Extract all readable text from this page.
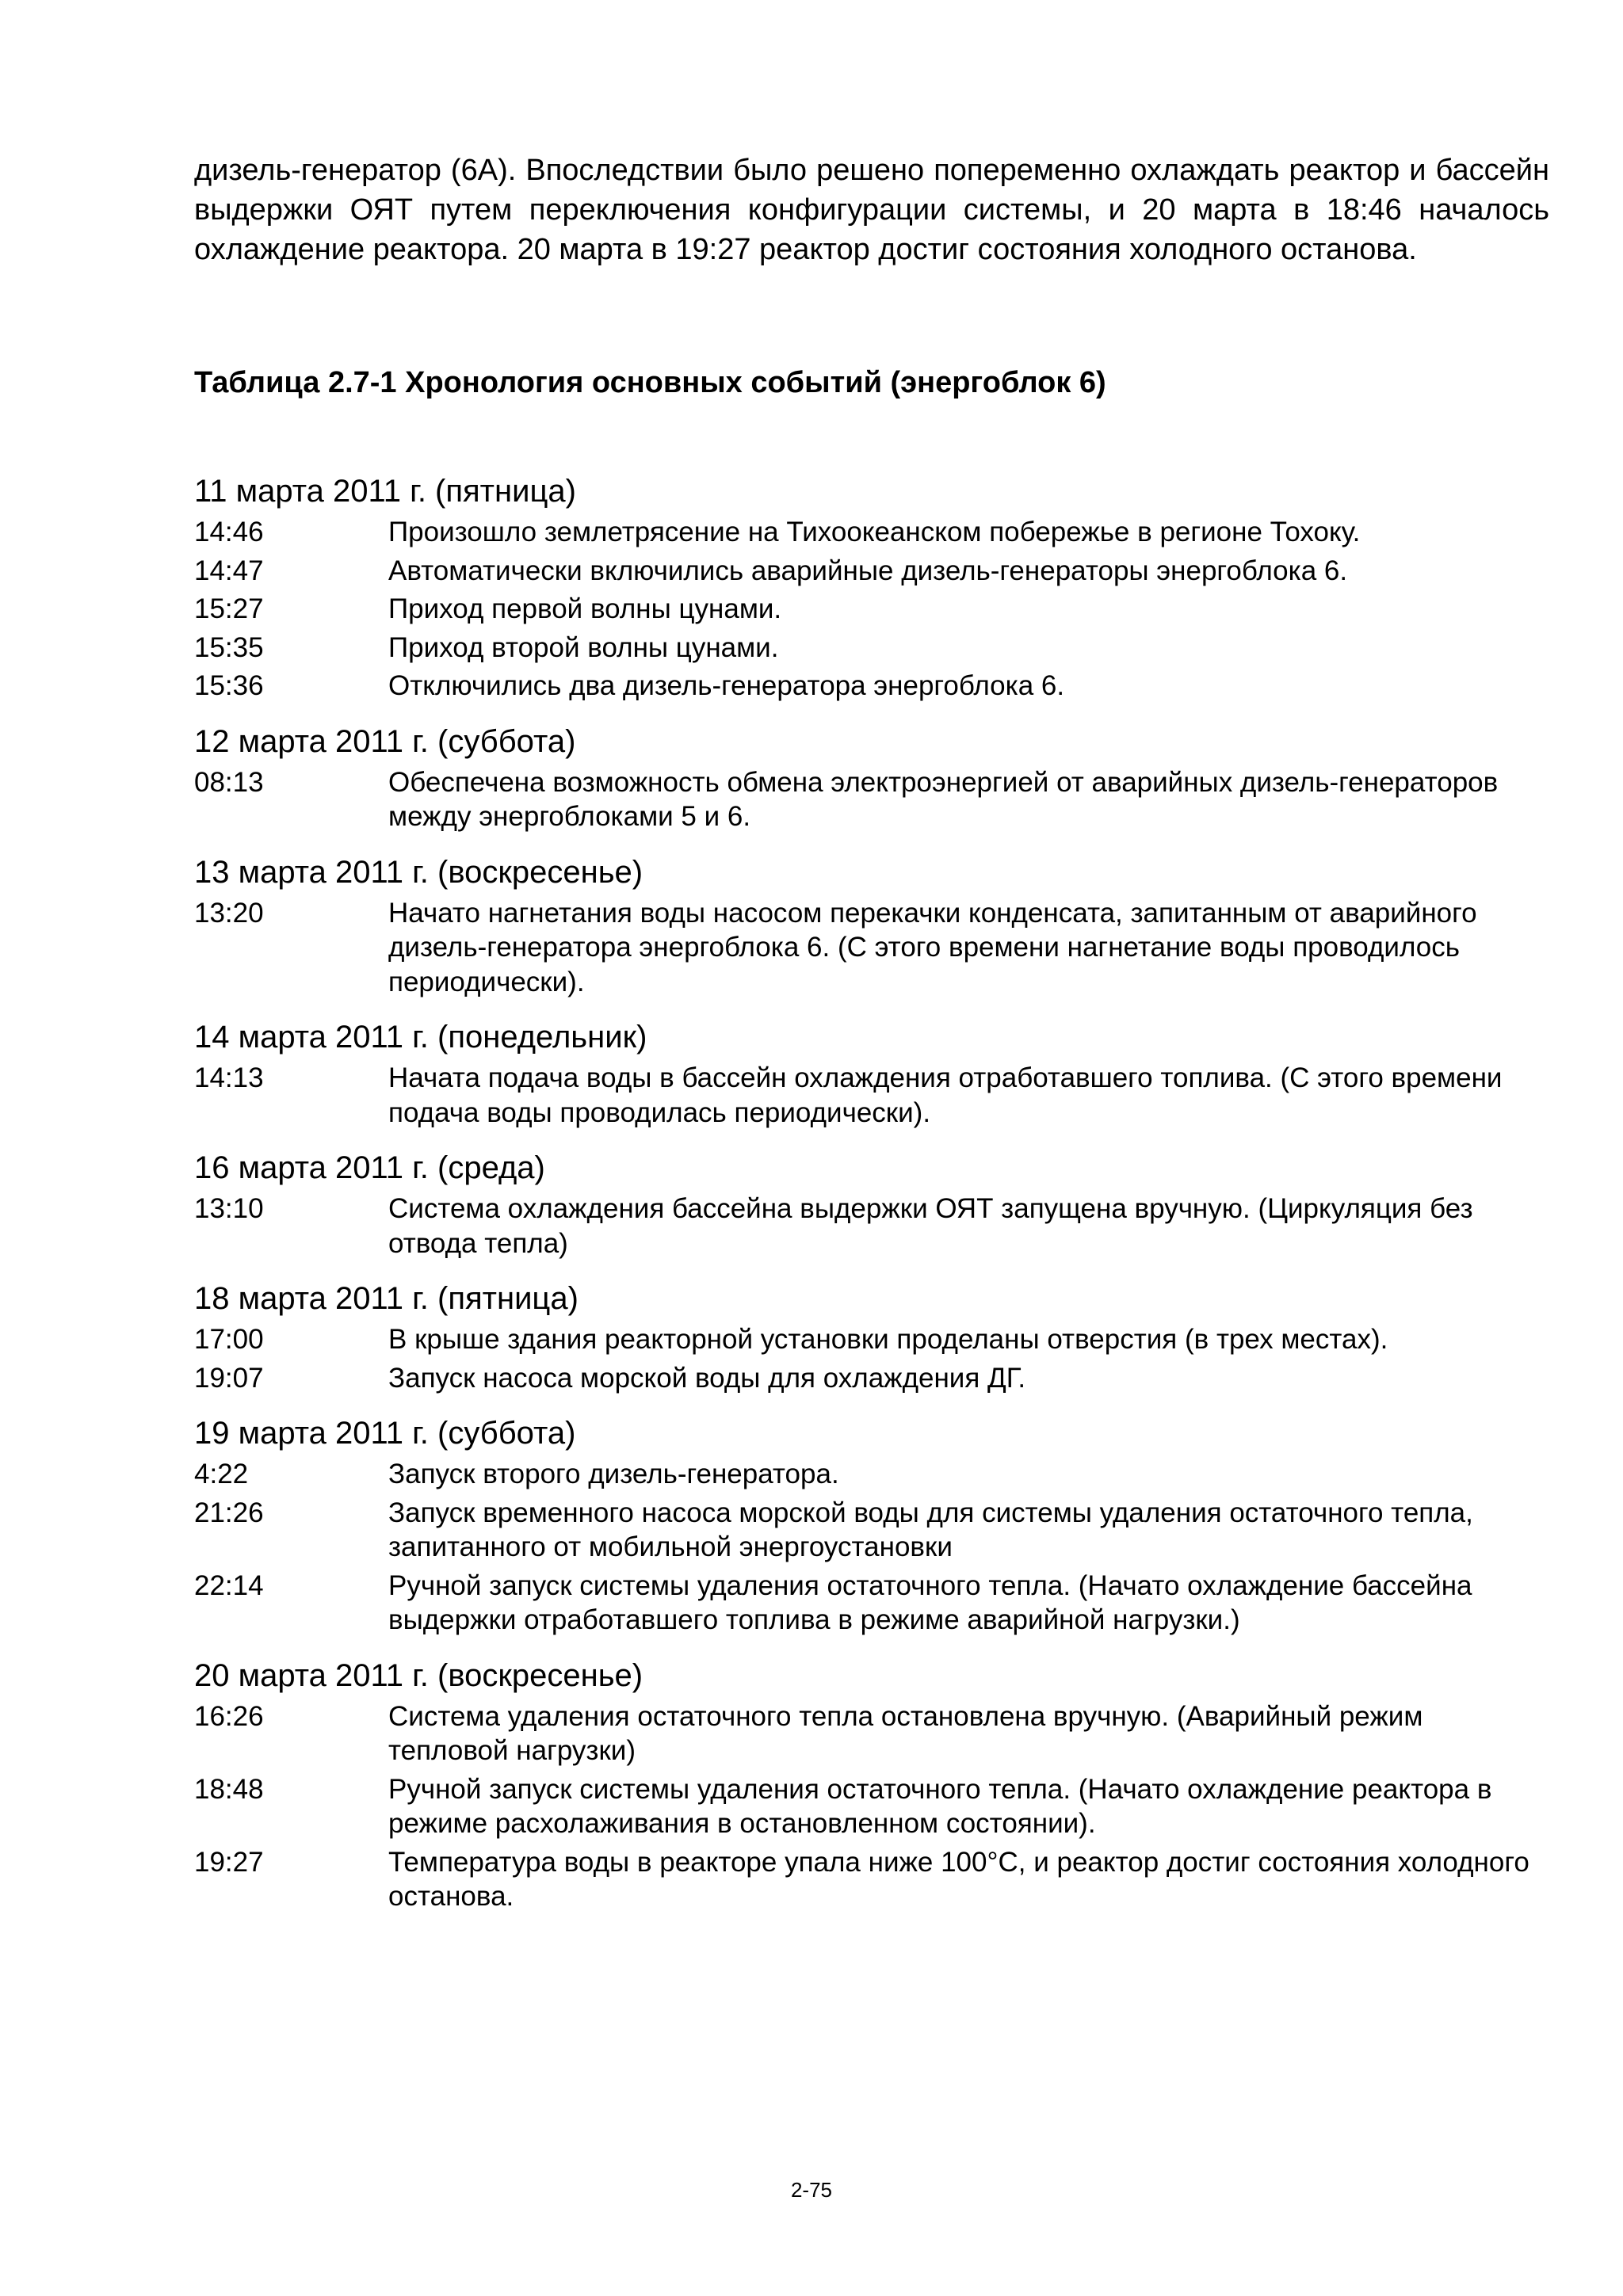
дизель-генератор (6А). Впоследствии было решено попеременно охлаждать реактор и бассейн выдержки ОЯТ путем переключения конфигурации системы, и 20 марта в 18:46 началось охлаждение реактора. 20 марта в 19:27 реактор достиг состояния холодного останова.

Таблица 2.7-1 Хронология основных событий (энергоблок 6)
11 марта 2011 г. (пятница)
14:46	Произошло землетрясение на Тихоокеанском побережье в регионе Тохоку.
14:47	Автоматически включились аварийные дизель-генераторы энергоблока 6.
15:27	Приход первой волны цунами.
15:35	Приход второй волны цунами.
15:36	Отключились два дизель-генератора энергоблока 6.
12 марта 2011 г. (суббота)
08:13	Обеспечена возможность обмена электроэнергией от аварийных дизель-генераторов между энергоблоками 5 и 6.
13 марта 2011 г. (воскресенье)
13:20	Начато нагнетания воды насосом перекачки конденсата, запитанным от аварийного дизель-генератора энергоблока 6. (С этого времени нагнетание воды проводилось периодически).
14 марта 2011 г. (понедельник)
14:13	Начата подача воды в бассейн охлаждения отработавшего топлива. (С этого времени подача воды проводилась периодически).
16 марта 2011 г. (среда)
13:10	Система охлаждения бассейна выдержки ОЯТ запущена вручную. (Циркуляция без отвода тепла)
18 марта 2011 г. (пятница)
17:00	В крыше здания реакторной установки проделаны отверстия (в трех местах).
19:07	Запуск насоса морской воды для охлаждения ДГ.
19 марта 2011 г. (суббота)
4:22	Запуск второго дизель-генератора.
21:26	Запуск временного насоса морской воды для системы удаления остаточного тепла, запитанного от мобильной энергоустановки
22:14	Ручной запуск системы удаления остаточного тепла. (Начато охлаждение бассейна выдержки отработавшего топлива в режиме аварийной нагрузки.)
20 марта 2011 г. (воскресенье)
16:26	Система удаления остаточного тепла остановлена вручную. (Аварийный режим тепловой нагрузки)
18:48	Ручной запуск системы удаления остаточного тепла. (Начато охлаждение реактора в режиме расхолаживания в остановленном состоянии).
19:27	Температура воды в реакторе упала ниже 100°С, и реактор достиг состояния холодного останова.
2-75
